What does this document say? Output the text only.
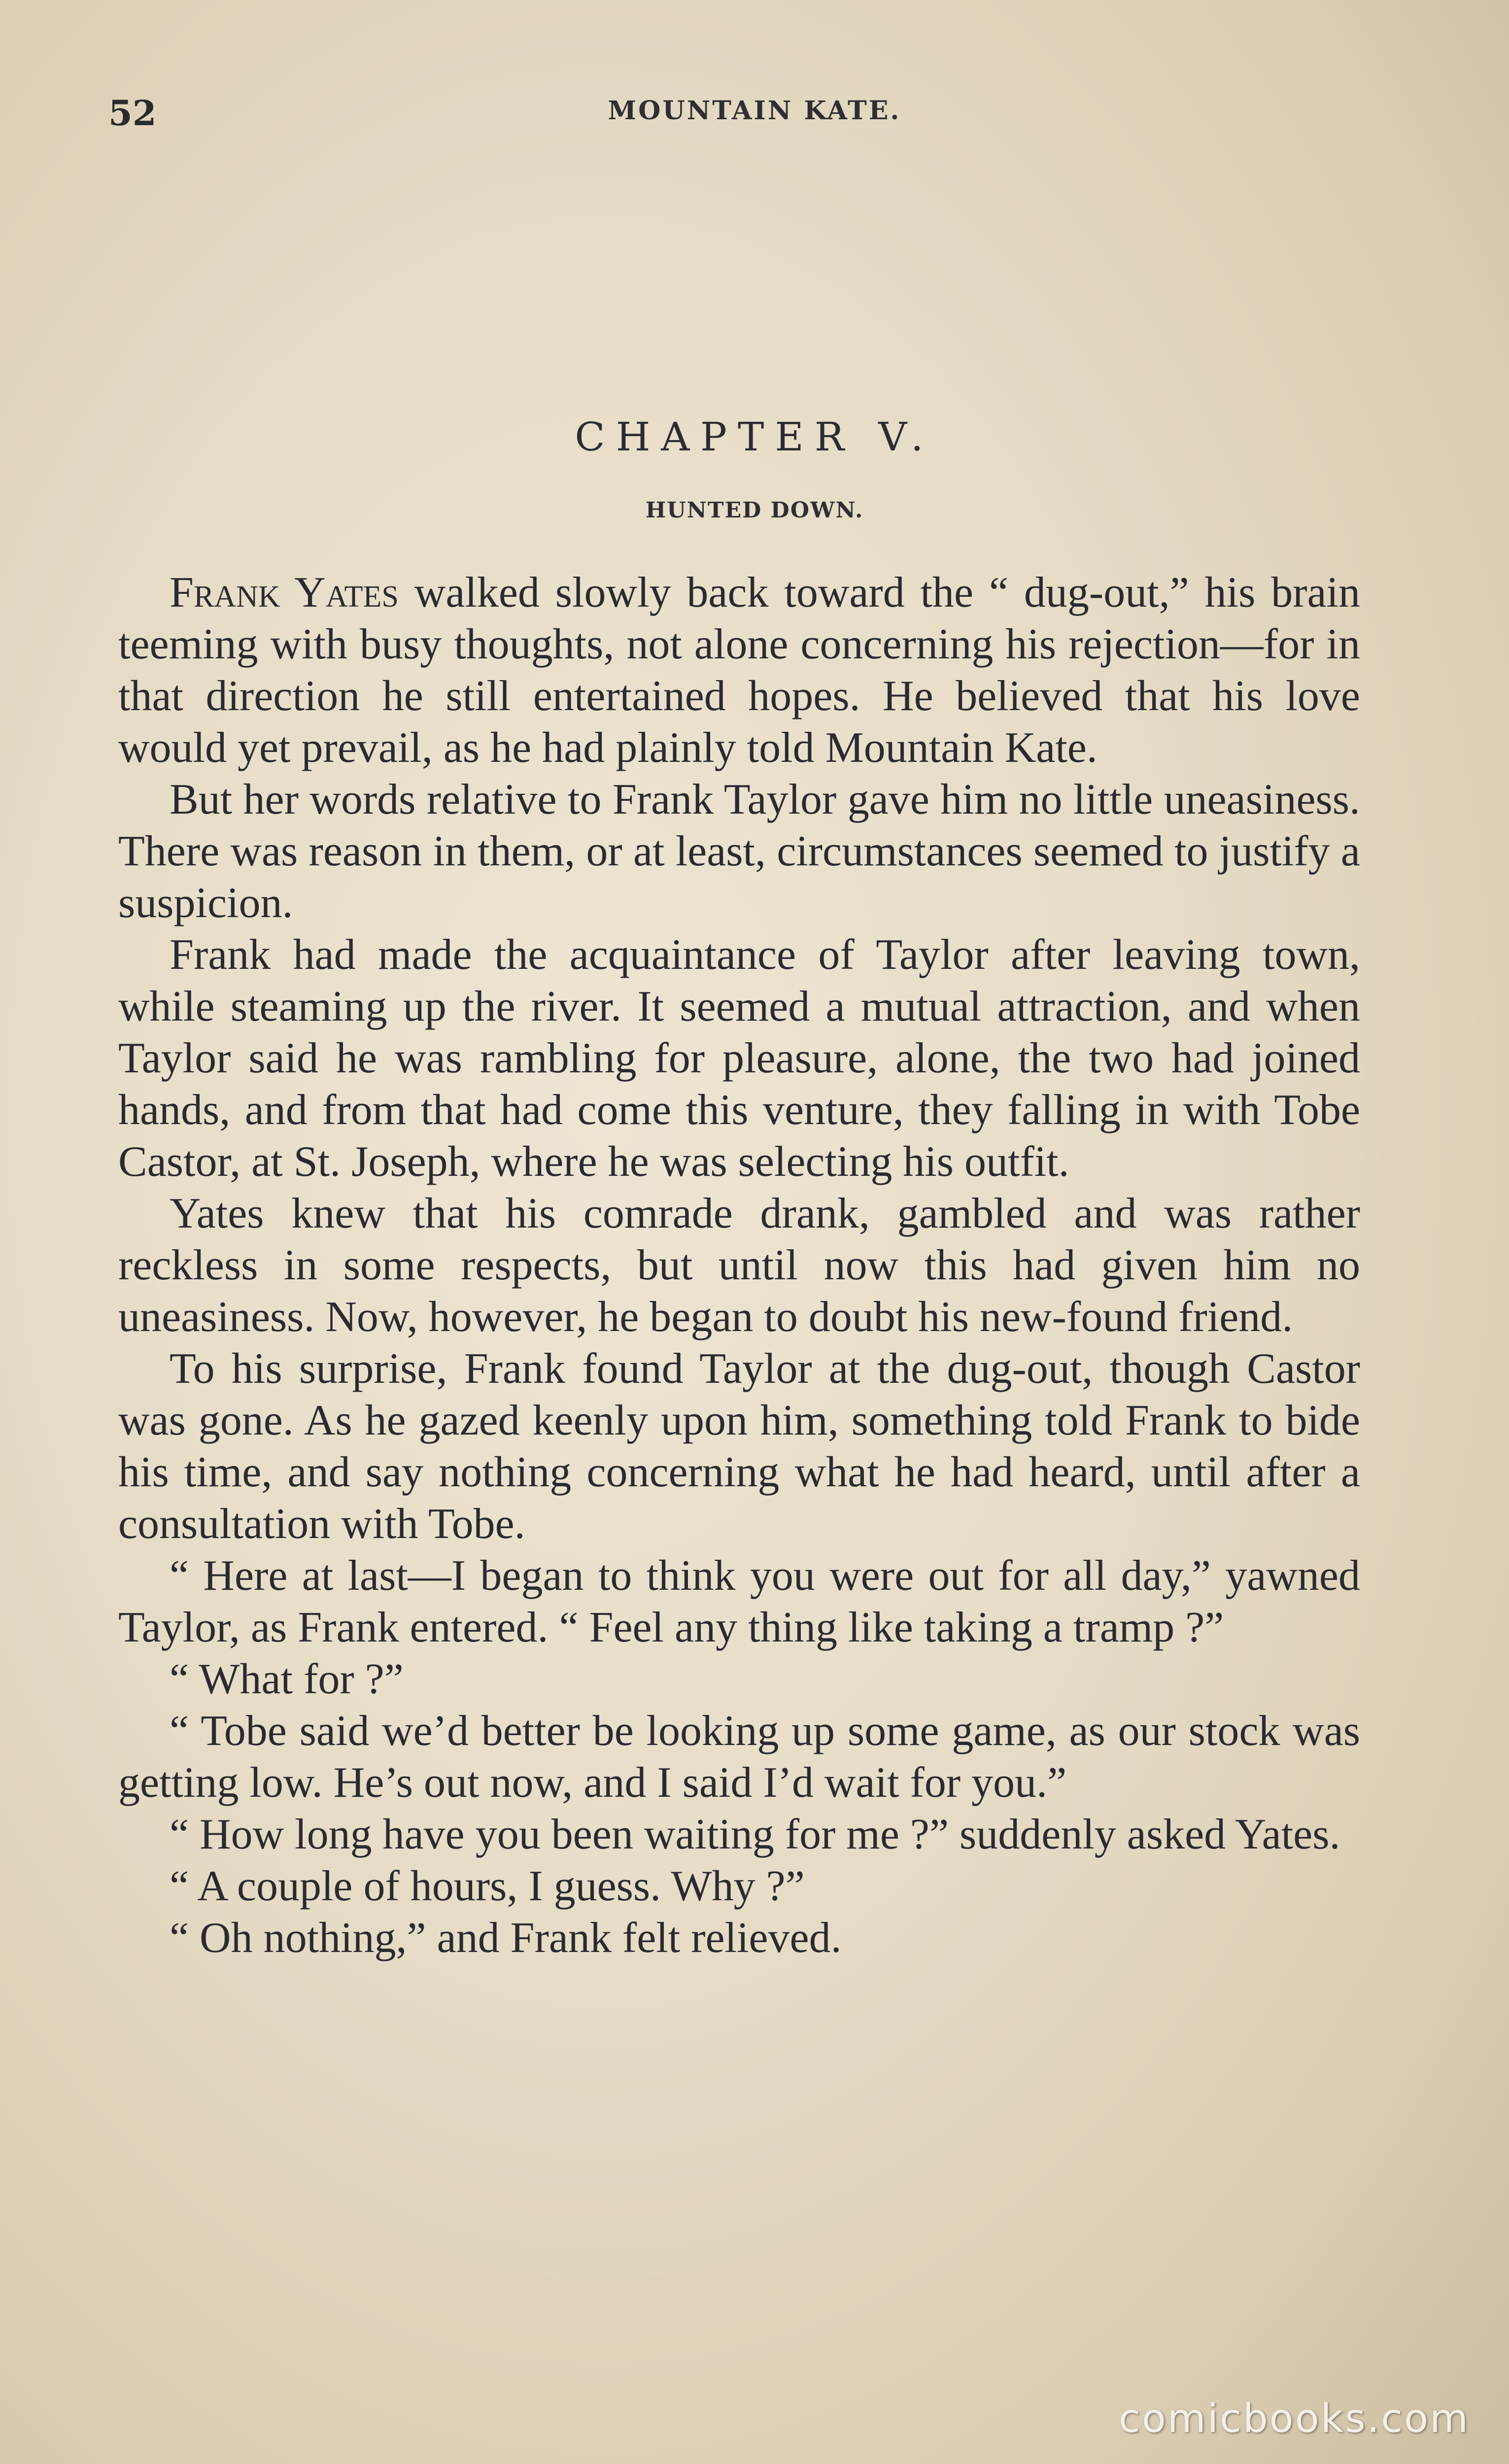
52	MOUNTAIN KATE.
CHAPTER V.
HUNTED DOWN.

Frank Yates walked slowly back toward the “ dug-out,” his brain teeming with busy thoughts, not alone concerning his rejection—for in that direction he still entertained hopes. He believed that his love would yet prevail, as he had plainly told Mountain Kate.

But her words relative to Frank Taylor gave him no little uneasiness. There was reason in them, or at least, circumstances seemed to justify a suspicion.

Frank had made the acquaintance of Taylor after leaving town, while steaming up the river. It seemed a mutual attraction, and when Taylor said he was rambling for pleasure, alone, the two had joined hands, and from that had come this venture, they falling in with Tobe Castor, at St. Joseph, where he was selecting his outfit.

Yates knew that his comrade drank, gambled and was rather reckless in some respects, but until now this had given him no uneasiness. Now, however, he began to doubt his new-found friend.

To his surprise, Frank found Taylor at the dug-out, though Castor was gone. As he gazed keenly upon him, something told Frank to bide his time, and say nothing concerning what he had heard, until after a consultation with Tobe.

“ Here at last—I began to think you were out for all day,” yawned Taylor, as Frank entered. “ Feel any thing like taking a tramp ?”

“ What for ?”

“ Tobe said we’d better be looking up some game, as our stock was getting low. He’s out now, and I said I’d wait for you.”

“ How long have you been waiting for me ?” suddenly asked Yates.

“ A couple of hours, I guess. Why ?”

“ Oh nothing,” and Frank felt relieved.

comicbooks.com
